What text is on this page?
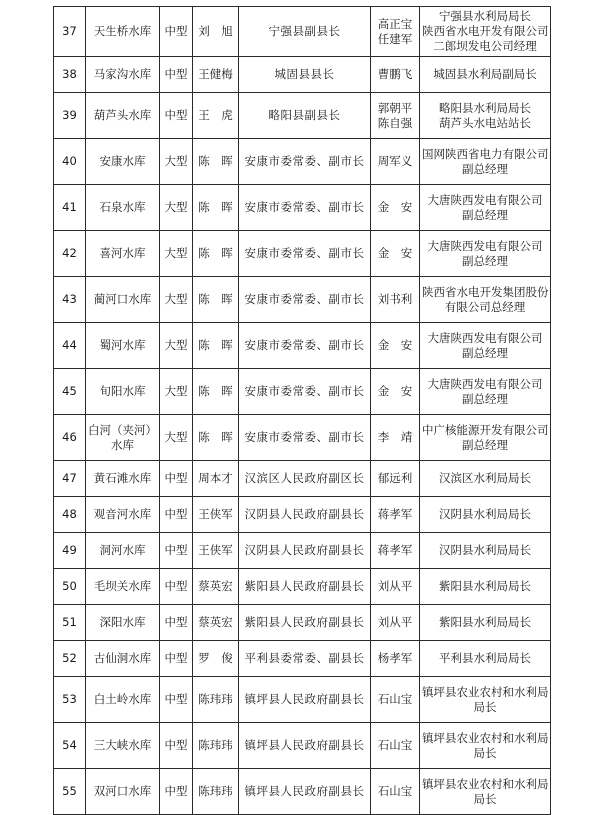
37	天生桥水库	中型	刘　旭	宁强县副县长	高正宝
任建军	宁强县水利局局长
陕西省水电开发有限公司
二郎坝发电公司经理

38	马家沟水库	中型	王健梅	城固县县长	曹鹏飞	城固县水利局副局长

39	葫芦头水库	中型	王　虎	略阳县副县长	郭朝平
陈自强	略阳县水利局局长
葫芦头水电站站长

40	安康水库	大型	陈　晖	安康市委常委、副市长	周军义	国网陕西省电力有限公司
副总经理

41	石泉水库	大型	陈　晖	安康市委常委、副市长	金　安	大唐陕西发电有限公司
副总经理

42	喜河水库	大型	陈　晖	安康市委常委、副市长	金　安	大唐陕西发电有限公司
副总经理

43	蔺河口水库	大型	陈　晖	安康市委常委、副市长	刘书利	陕西省水电开发集团股份
有限公司总经理

44	蜀河水库	大型	陈　晖	安康市委常委、副市长	金　安	大唐陕西发电有限公司
副总经理

45	旬阳水库	大型	陈　晖	安康市委常委、副市长	金　安	大唐陕西发电有限公司
副总经理

46	白河（夹河）水库	大型	陈　晖	安康市委常委、副市长	李　靖	中广核能源开发有限公司
副总经理

47	黄石滩水库	中型	周本才	汉滨区人民政府副区长	郁远利	汉滨区水利局局长

48	观音河水库	中型	王侠军	汉阴县人民政府副县长	蒋孝军	汉阴县水利局局长

49	洞河水库	中型	王侠军	汉阴县人民政府副县长	蒋孝军	汉阴县水利局局长

50	毛坝关水库	中型	蔡英宏	紫阳县人民政府副县长	刘从平	紫阳县水利局局长

51	深阳水库	中型	蔡英宏	紫阳县人民政府副县长	刘从平	紫阳县水利局局长

52	古仙洞水库	中型	罗　俊	平利县委常委、副县长	杨孝军	平利县水利局局长

53	白土岭水库	中型	陈玮玮	镇坪县人民政府副县长	石山宝	镇坪县农业农村和水利局
局长

54	三大峡水库	中型	陈玮玮	镇坪县人民政府副县长	石山宝	镇坪县农业农村和水利局
局长

55	双河口水库	中型	陈玮玮	镇坪县人民政府副县长	石山宝	镇坪县农业农村和水利局
局长
